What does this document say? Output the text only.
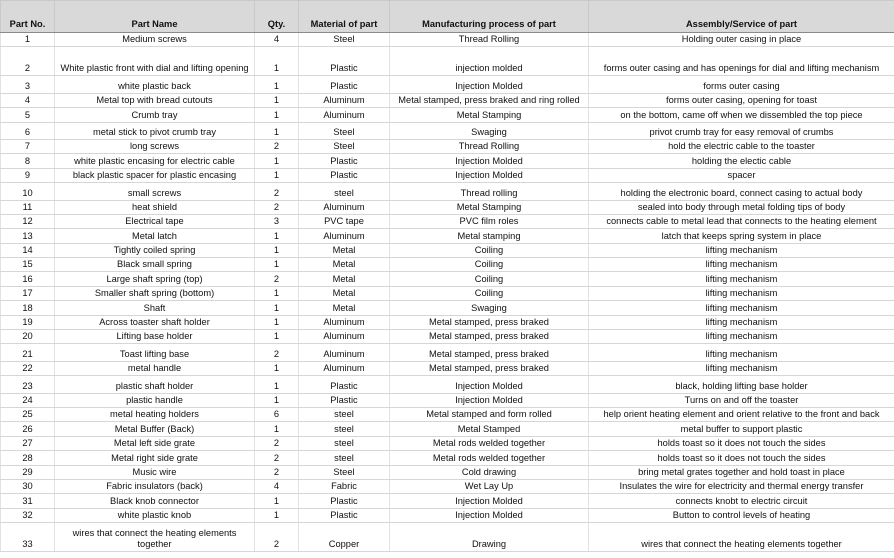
Part No.	Part Name	Qty.	Material of part	Manufacturing process of part	Assembly/Service of part
1	Medium screws	4	Steel	Thread Rolling	Holding outer casing in place
2	White plastic front with dial and lifting opening	1	Plastic	injection molded	forms outer casing and has openings for dial and lifting mechanism
3	white plastic back	1	Plastic	Injection Molded	forms outer casing
4	Metal top with bread cutouts	1	Aluminum	Metal stamped, press braked and ring rolled	forms outer casing, opening for toast
5	Crumb tray	1	Aluminum	Metal Stamping	on the bottom, came off when we dissembled the top piece
6	metal stick to pivot crumb tray	1	Steel	Swaging	privot crumb tray for easy removal of crumbs
7	long screws	2	Steel	Thread Rolling	hold the electric cable to the toaster
8	white plastic encasing for electric cable	1	Plastic	Injection Molded	holding the electic cable
9	black plastic spacer for plastic encasing	1	Plastic	Injection Molded	spacer
10	small screws	2	steel	Thread rolling	holding the electronic board, connect casing to actual body
11	heat shield	2	Aluminum	Metal Stamping	sealed into body through metal folding tips of body
12	Electrical tape	3	PVC tape	PVC film roles	connects cable to metal lead that connects to the heating element
13	Metal latch	1	Aluminum	Metal stamping	latch that keeps spring system in place
14	Tightly coiled spring	1	Metal	Coiling	lifting mechanism
15	Black small spring	1	Metal	Coiling	lifting mechanism
16	Large shaft spring (top)	2	Metal	Coiling	lifting mechanism
17	Smaller shaft spring (bottom)	1	Metal	Coiling	lifting mechanism
18	Shaft	1	Metal	Swaging	lifting mechanism
19	Across toaster shaft holder	1	Aluminum	Metal stamped, press braked	lifting mechanism
20	Lifting base holder	1	Aluminum	Metal stamped, press braked	lifting mechanism
21	Toast lifting base	2	Aluminum	Metal stamped, press braked	lifting mechanism
22	metal handle	1	Aluminum	Metal stamped, press braked	lifting mechanism
23	plastic shaft holder	1	Plastic	Injection Molded	black, holding lifting base holder
24	plastic handle	1	Plastic	Injection Molded	Turns on and off the toaster
25	metal heating holders	6	steel	Metal stamped and form rolled	help orient heating element and orient relative to the front and back
26	Metal Buffer (Back)	1	steel	Metal Stamped	metal buffer to support plastic
27	Metal left side grate	2	steel	Metal rods welded together	holds toast so it does not touch the sides
28	Metal right side grate	2	steel	Metal rods welded together	holds toast so it does not touch the sides
29	Music wire	2	Steel	Cold drawing	bring metal grates together and hold toast in place
30	Fabric insulators (back)	4	Fabric	Wet Lay Up	Insulates the wire for electricity and thermal energy transfer
31	Black knob connector	1	Plastic	Injection Molded	connects knobt to electric circuit
32	white plastic knob	1	Plastic	Injection Molded	Button to control levels of heating
33	wires that connect the heating elements together	2	Copper	Drawing	wires that connect the heating elements together
